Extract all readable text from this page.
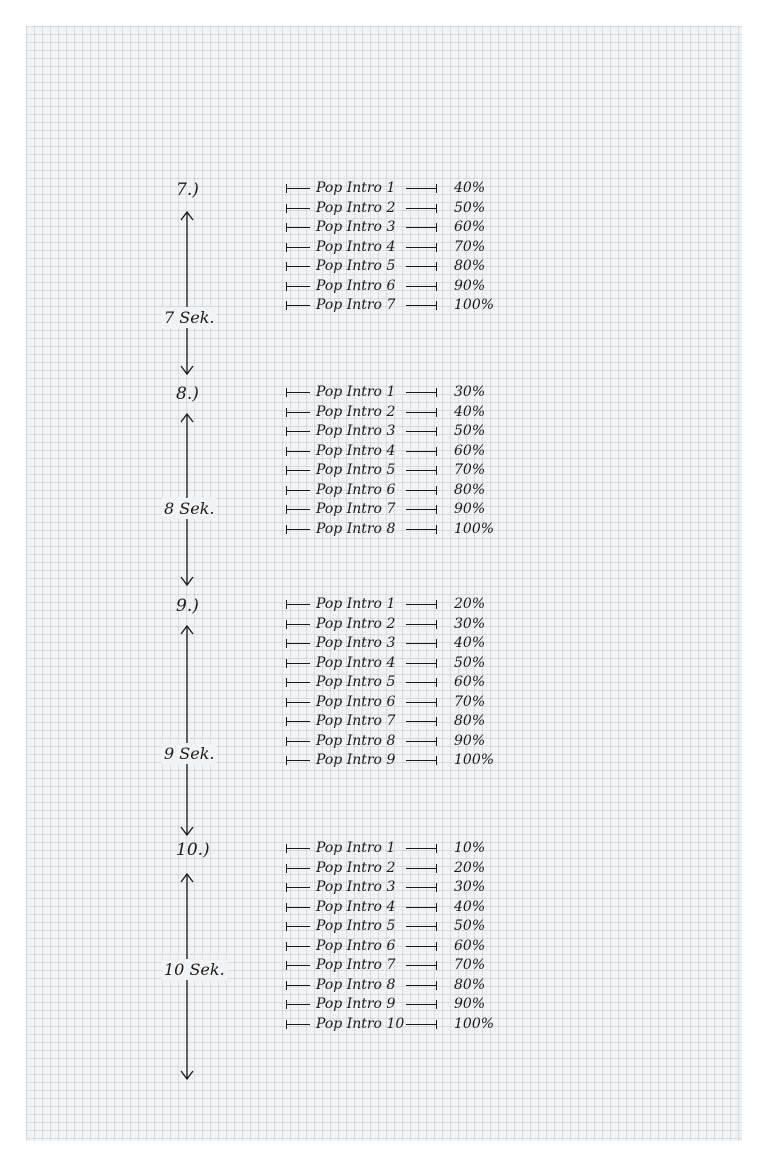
7.)
7 Sek.
Pop Intro 1	40%
Pop Intro 2	50%
Pop Intro 3	60%
Pop Intro 4	70%
Pop Intro 5	80%
Pop Intro 6	90%
Pop Intro 7	100%
8.)
8 Sek.
Pop Intro 1	30%
Pop Intro 2	40%
Pop Intro 3	50%
Pop Intro 4	60%
Pop Intro 5	70%
Pop Intro 6	80%
Pop Intro 7	90%
Pop Intro 8	100%
9.)
9 Sek.
Pop Intro 1	20%
Pop Intro 2	30%
Pop Intro 3	40%
Pop Intro 4	50%
Pop Intro 5	60%
Pop Intro 6	70%
Pop Intro 7	80%
Pop Intro 8	90%
Pop Intro 9	100%
10.)
10 Sek.
Pop Intro 1	10%
Pop Intro 2	20%
Pop Intro 3	30%
Pop Intro 4	40%
Pop Intro 5	50%
Pop Intro 6	60%
Pop Intro 7	70%
Pop Intro 8	80%
Pop Intro 9	90%
Pop Intro 10	100%
